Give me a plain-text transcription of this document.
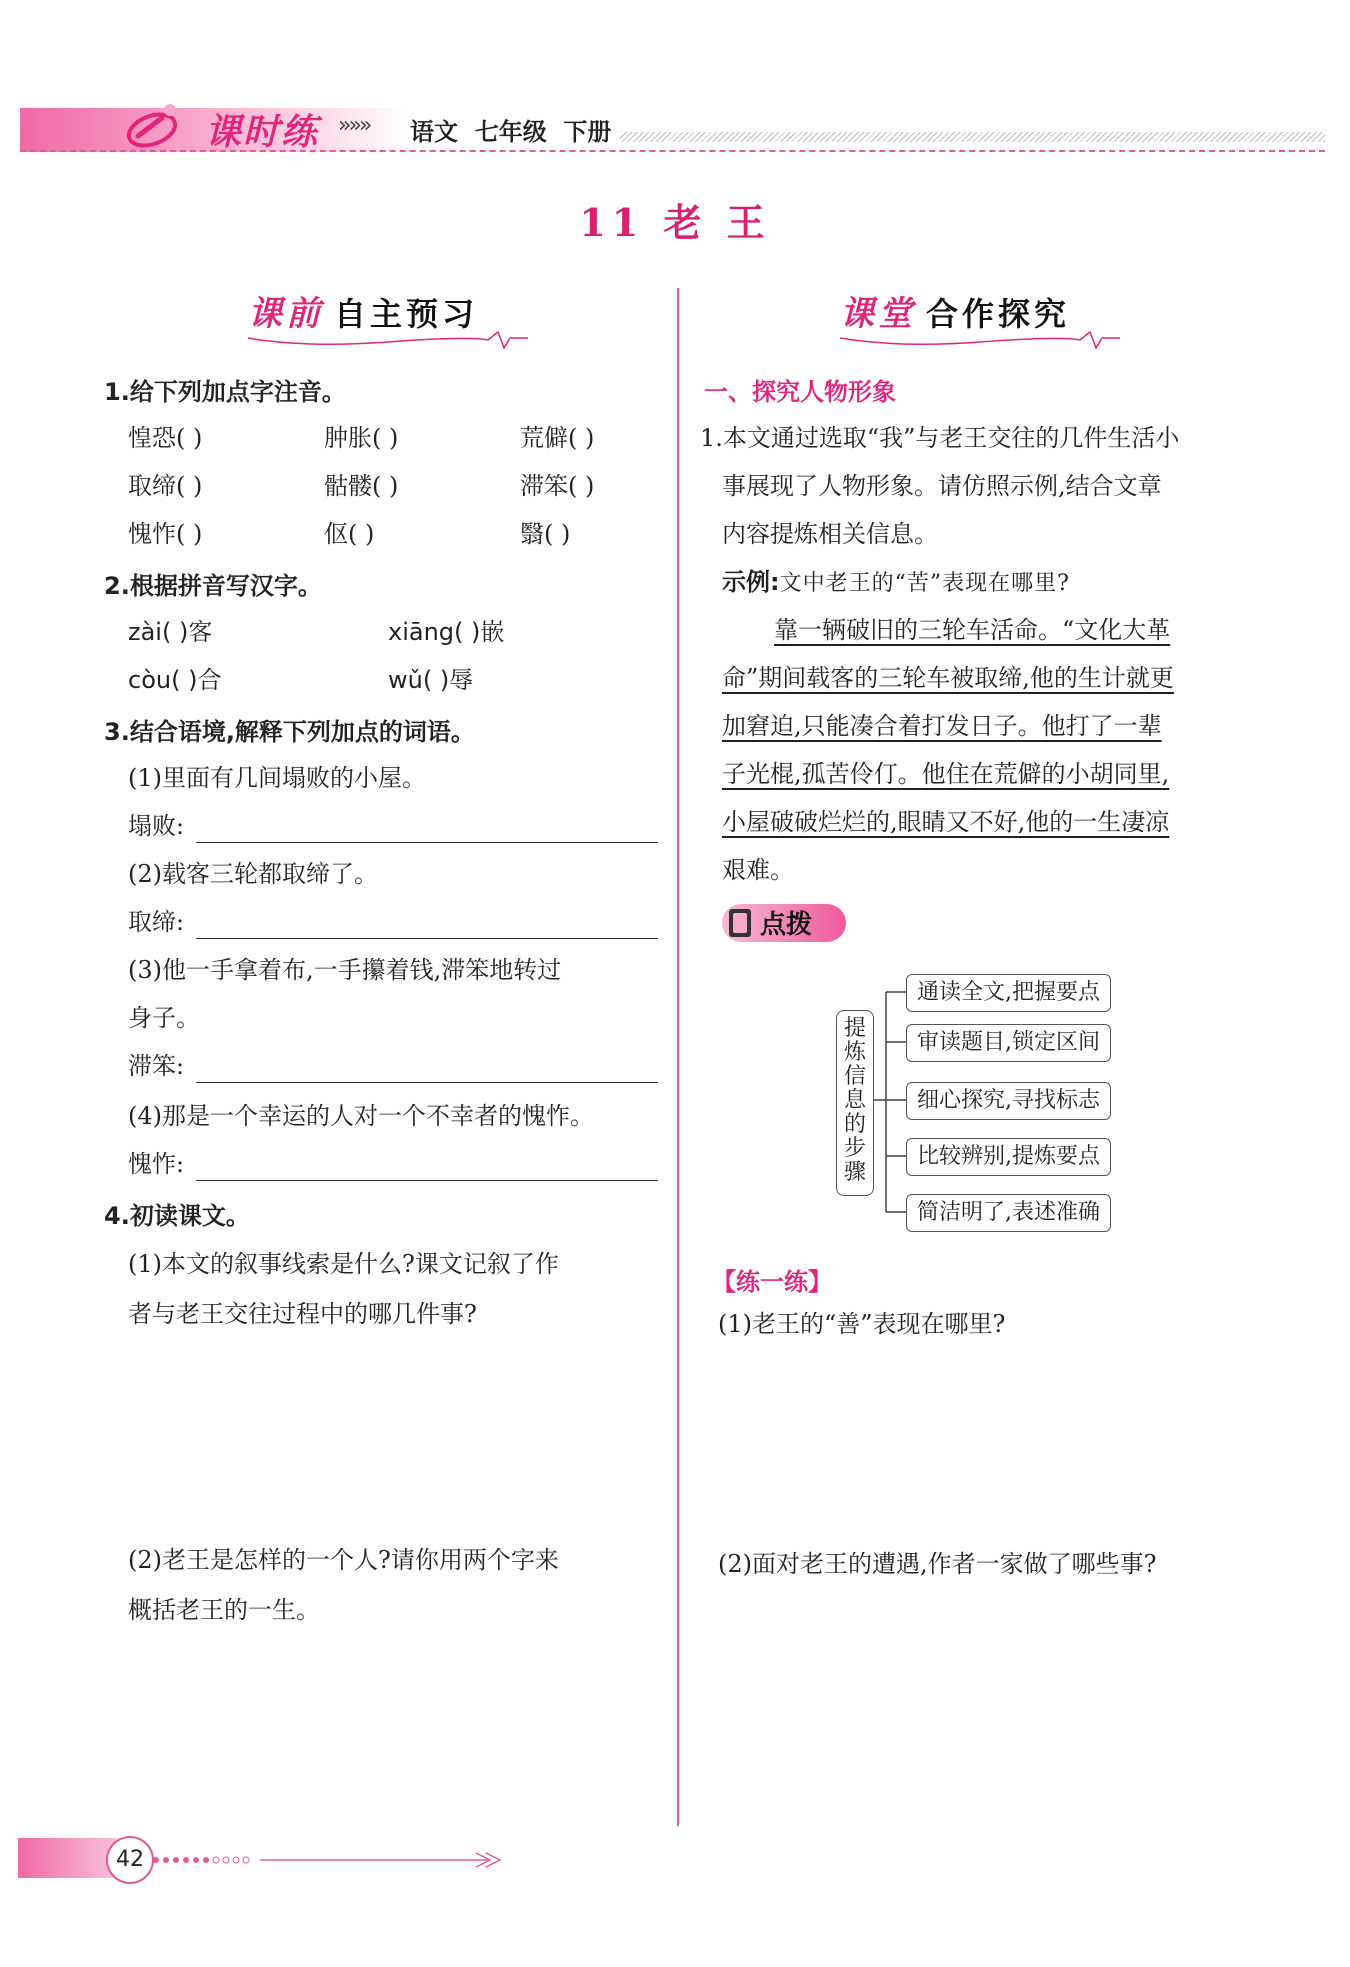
课时练 »»» 语文  七年级  下册
11 老 王
课前 自主预习	课堂 合作探究
1.给下列加点字注音。
惶恐( )	肿胀( )	荒僻( )
取缔( )	骷髅( )	滞笨( )
愧怍( )	伛( )	翳( )
2.根据拼音写汉字。
zài( )客	xiāng( )嵌
còu( )合	wǔ( )辱
3.结合语境,解释下列加点的词语。
(1)里面有几间塌败的小屋。
塌败:
(2)载客三轮都取缔了。
取缔:
(3)他一手拿着布,一手攥着钱,滞笨地转过
身子。
滞笨:
(4)那是一个幸运的人对一个不幸者的愧怍。
愧怍:
4.初读课文。
(1)本文的叙事线索是什么?课文记叙了作
者与老王交往过程中的哪几件事?
(2)老王是怎样的一个人?请你用两个字来
概括老王的一生。
一、探究人物形象
1.本文通过选取“我”与老王交往的几件生活小
事展现了人物形象。请仿照示例,结合文章
内容提炼相关信息。
示例:文中老王的“苦”表现在哪里?
靠一辆破旧的三轮车活命。“文化大革
命”期间载客的三轮车被取缔,他的生计就更
加窘迫,只能凑合着打发日子。他打了一辈
子光棍,孤苦伶仃。他住在荒僻的小胡同里,
小屋破破烂烂的,眼睛又不好,他的一生凄凉
艰难。
点拨
提炼信息的步骤
通读全文,把握要点
审读题目,锁定区间
细心探究,寻找标志
比较辨别,提炼要点
简洁明了,表述准确
【练一练】
(1)老王的“善”表现在哪里?
(2)面对老王的遭遇,作者一家做了哪些事?
42
